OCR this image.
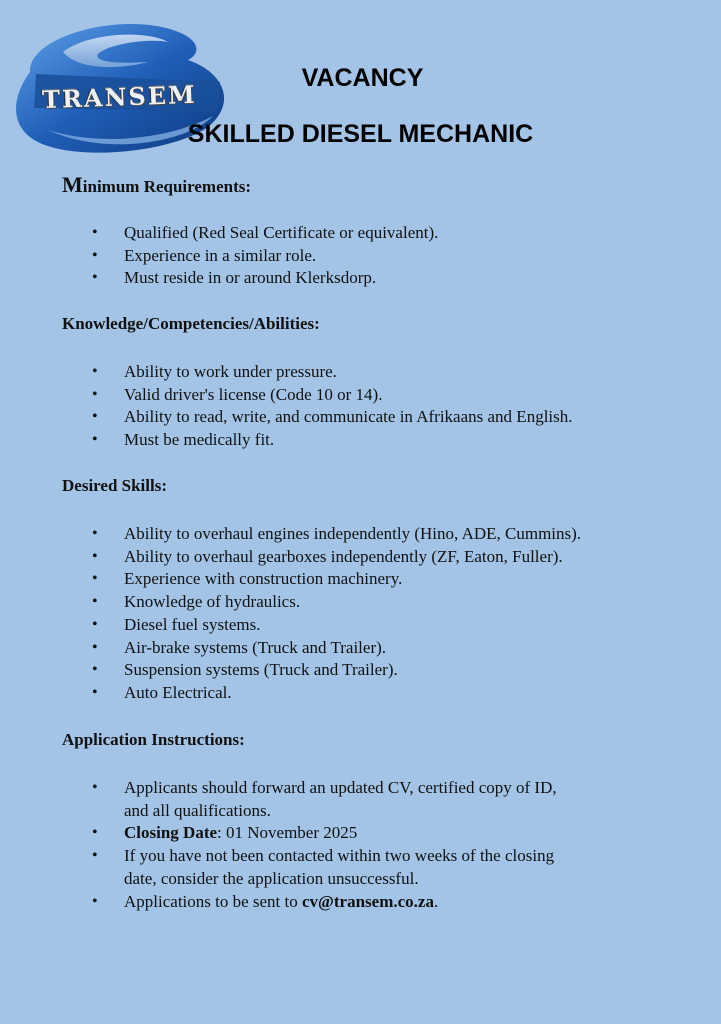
TRANSEM
VACANCY
SKILLED DIESEL MECHANIC
Minimum Requirements:
• Qualified (Red Seal Certificate or equivalent).
• Experience in a similar role.
• Must reside in or around Klerksdorp.
Knowledge/Competencies/Abilities:
• Ability to work under pressure.
• Valid driver's license (Code 10 or 14).
• Ability to read, write, and communicate in Afrikaans and English.
• Must be medically fit.
Desired Skills:
• Ability to overhaul engines independently (Hino, ADE, Cummins).
• Ability to overhaul gearboxes independently (ZF, Eaton, Fuller).
• Experience with construction machinery.
• Knowledge of hydraulics.
• Diesel fuel systems.
• Air-brake systems (Truck and Trailer).
• Suspension systems (Truck and Trailer).
• Auto Electrical.
Application Instructions:
• Applicants should forward an updated CV, certified copy of ID,
and all qualifications.
• Closing Date: 01 November 2025
• If you have not been contacted within two weeks of the closing
date, consider the application unsuccessful.
• Applications to be sent to cv@transem.co.za.
